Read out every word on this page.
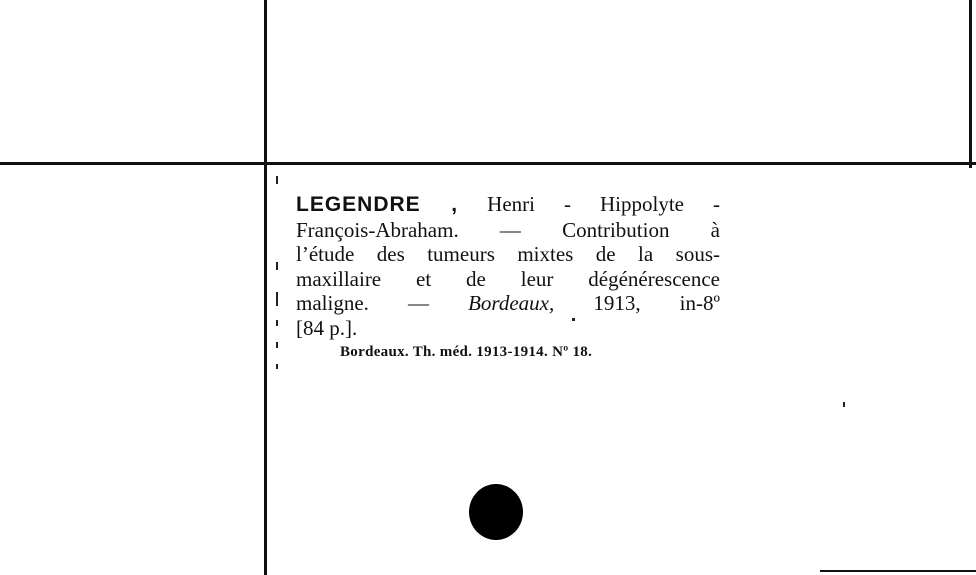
LEGENDRE , Henri - Hippolyte -
François-Abraham. — Contribution à
l’étude des tumeurs mixtes de la sous-
maxillaire et de leur dégénérescence
maligne. — Bordeaux, 1913, in-8º
[84 p.].
Bordeaux. Th. méd. 1913-1914. Nº 18.
